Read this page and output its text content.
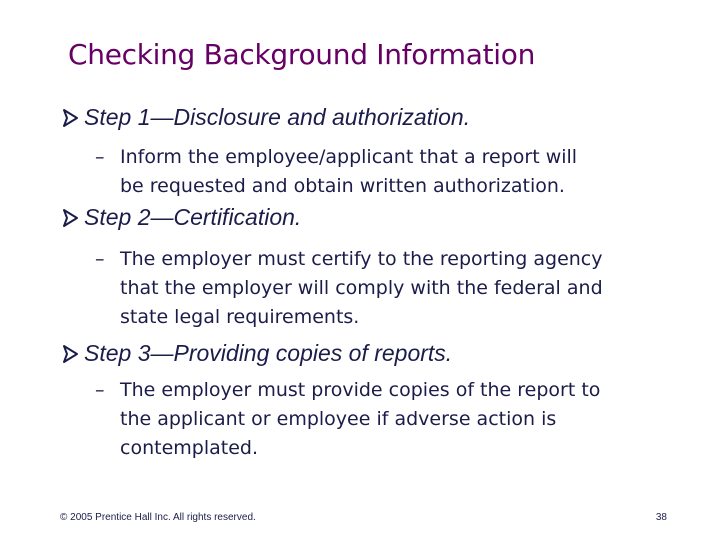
Checking Background Information
Step 1—Disclosure and authorization.
– Inform the employee/applicant that a report will
be requested and obtain written authorization.
Step 2—Certification.
– The employer must certify to the reporting agency
that the employer will comply with the federal and
state legal requirements.
Step 3—Providing copies of reports.
– The employer must provide copies of the report to
the applicant or employee if adverse action is
contemplated.
© 2005 Prentice Hall Inc. All rights reserved.	38
